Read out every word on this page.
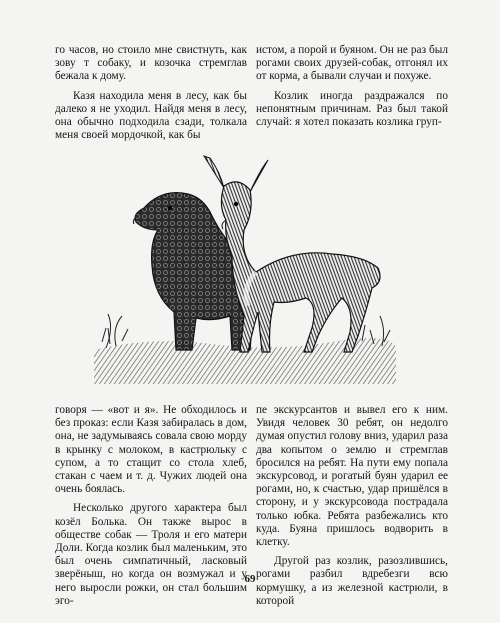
го часов, но стоило мне свистнуть, как зову т собаку, и козочка стремглав бежала к дому.

Казя находила меня в лесу, как бы далеко я не уходил. Найдя меня в лесу, она обычно подходила сзади, толкала меня своей мордочкой, как бы

истом, а порой и буяном. Он не раз был рогами своих друзей-собак, отгонял их от корма, а бывали случаи и похуже.

Козлик иногда раздражался по непонятным причинам. Раз был такой случай: я хотел показать козлика груп-

говоря — «вот и я». Не обходилось и без проказ: если Казя забиралась в дом, она, не задумываясь совала свою морду в крынку с молоком, в кастрюльку с супом, а то стащит со стола хлеб, стакан с чаем и т. д. Чужих людей она очень боялась.

Несколько другого характера был козёл Болька. Он также вырос в обществе собак — Троля и его матери Доли. Когда козлик был маленьким, это был очень симпатичный, ласковый зверёныш, но когда он возмужал и у него выросли рожки, он стал большим эго-

пе экскурсантов и вывел его к ним. Увидя человек 30 ребят, он недолго думая опустил голову вниз, ударил раза два копытом о землю и стремглав бросился на ребят. На пути ему попала экскурсовод, и рогатый буян ударил ее рогами, но, к счастью, удар пришёлся в сторону, и у экскурсовода пострадала только юбка. Ребята разбежались кто куда. Буяна пришлось водворить в клетку.

Другой раз козлик, разозлившись, рогами разбил вдребезги всю кормушку, а из железной кастрюли, в которой

69
